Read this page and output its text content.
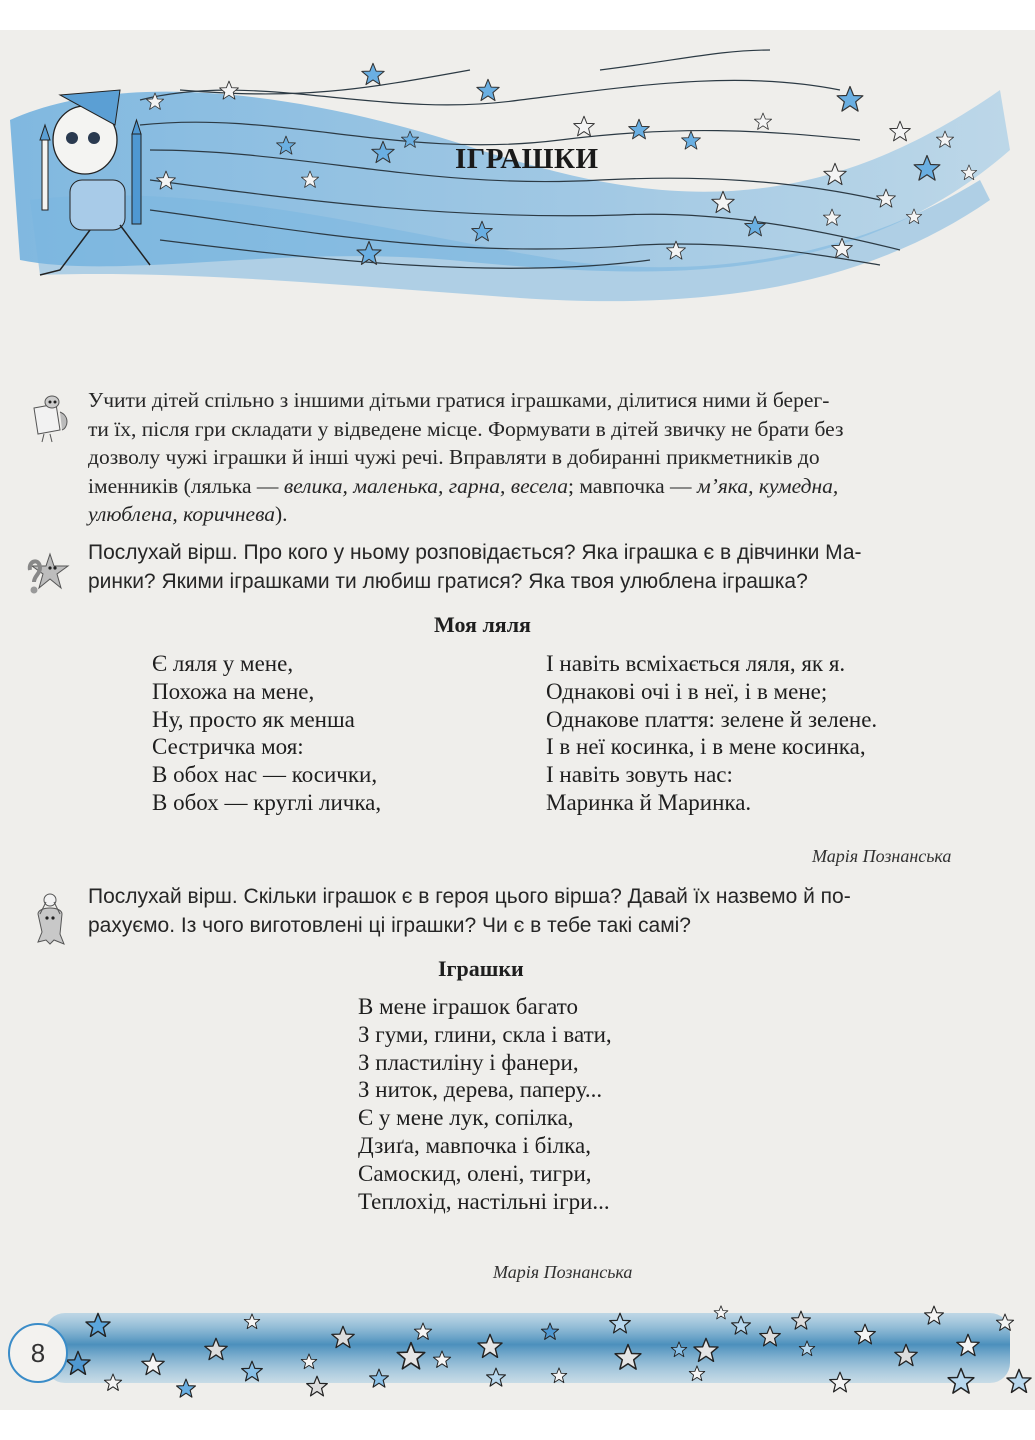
ІГРАШКИ
Учити дітей спільно з іншими дітьми гратися іграшками, ділитися ними й берег-
ти їх, після гри складати у відведене місце. Формувати в дітей звичку не брати без
дозволу чужі іграшки й інші чужі речі. Вправляти в добиранні прикметників до
іменників (лялька — велика, маленька, гарна, весела; мавпочка — м’яка, кумедна,
улюблена, коричнева).
Послухай вірш. Про кого у ньому розповідається? Яка іграшка є в дівчинки Ма-
ринки? Якими іграшками ти любиш гратися? Яка твоя улюблена іграшка?
Моя ляля
Є ляля у мене,
Похожа на мене,
Ну, просто як менша
Сестричка моя:
В обох нас — косички,
В обох — круглі личка,
І навіть всміхається ляля, як я.
Однакові очі і в неї, і в мене;
Однакове плаття: зелене й зелене.
І в неї косинка, і в мене косинка,
І навіть зовуть нас:
Маринка й Маринка.
Марія Познанська
Послухай вірш. Скільки іграшок є в героя цього вірша? Давай їх назвемо й по-
рахуємо. Із чого виготовлені ці іграшки? Чи є в тебе такі самі?
Іграшки
В мене іграшок багато
З гуми, глини, скла і вати,
З пластиліну і фанери,
З ниток, дерева, паперу...
Є у мене лук, сопілка,
Дзиґа, мавпочка і білка,
Самоскид, олені, тигри,
Теплохід, настільні ігри...
Марія Познанська
8
